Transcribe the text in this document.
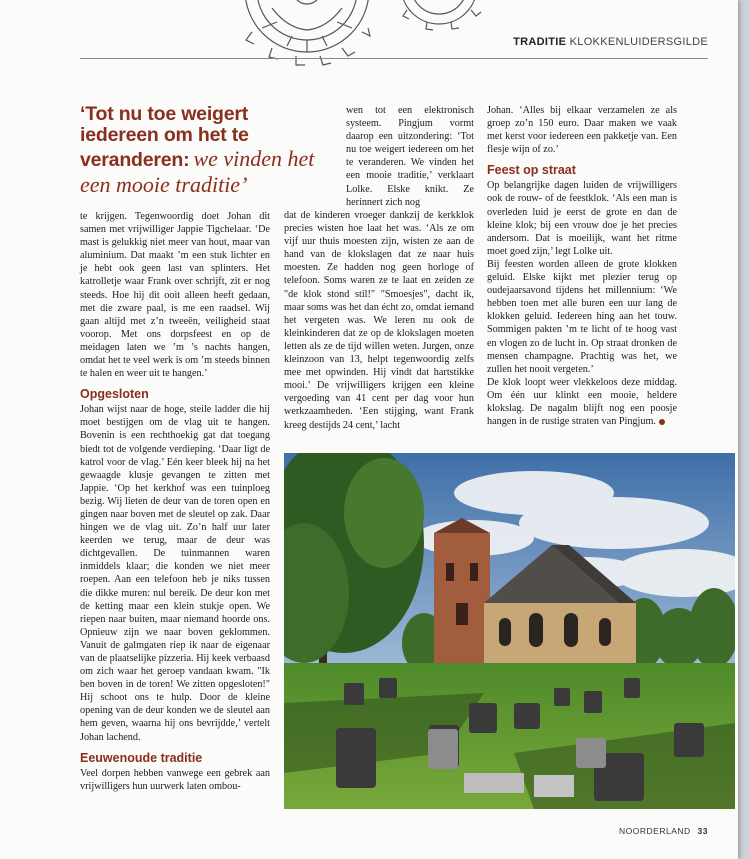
TRADITIE KLOKKENLUIDERSGILDE
‘Tot nu toe weigert iedereen om het te veranderen: we vinden het een mooie traditie’

te krijgen. Tegenwoordig doet Johan dit samen met vrijwilliger Jappie Tigchelaar. ‘De mast is gelukkig niet meer van hout, maar van aluminium. Dat maakt ’m een stuk lichter en je hebt ook geen last van splinters. Het katrolletje waar Frank over schrijft, zit er nog steeds. Hoe hij dit ooit alleen heeft gedaan, met die zware paal, is me een raadsel. Wij gaan altijd met z’n tweeën, veiligheid staat voorop. Met ons dorpsfeest en op de meidagen laten we ’m ’s nachts hangen, omdat het te veel werk is om ’m steeds binnen te halen en weer uit te hangen.’

Opgesloten

Johan wijst naar de hoge, steile ladder die hij moet bestijgen om de vlag uit te hangen. Bovenin is een rechthoekig gat dat toegang biedt tot de volgende verdieping. ‘Daar ligt de katrol voor de vlag.’ Eén keer bleek hij na het gewaagde klusje gevangen te zitten met Jappie. ‘Op het kerkhof was een tuinploeg bezig. Wij lieten de deur van de toren open en gingen naar boven met de sleutel op zak. Daar hingen we de vlag uit. Zo’n half uur later keerden we terug, maar de deur was dichtgevallen. De tuinmannen waren inmiddels klaar; die konden we niet meer roepen. Aan een telefoon heb je niks tussen die dikke muren: nul bereik. De deur kon met de ketting maar een klein stukje open. We riepen naar buiten, maar niemand hoorde ons. Opnieuw zijn we naar boven geklommen. Vanuit de galmgaten riep ik naar de eigenaar van de plaatselijke pizzeria. Hij keek verbaasd om zich waar het geroep vandaan kwam. "Ik ben boven in de toren! We zitten opgesloten!" Hij schoot ons te hulp. Door de kleine opening van de deur konden we de sleutel aan hem geven, waarna hij ons bevrijdde,’ vertelt Johan lachend.

Eeuwenoude traditie

Veel dorpen hebben vanwege een gebrek aan vrijwilligers hun uurwerk laten ombou-

wen tot een elektronisch systeem. Pingjum vormt daarop een uitzondering: ‘Tot nu toe weigert iedereen om het te veranderen. We vinden het een mooie traditie,’ verklaart Lolke. Elske knikt. Ze herinnert zich nog

dat de kinderen vroeger dankzij de kerkklok precies wisten hoe laat het was. ‘Als ze om vijf uur thuis moesten zijn, wisten ze aan de hand van de klokslagen dat ze naar huis moesten. Ze hadden nog geen horloge of telefoon. Soms waren ze te laat en zeiden ze "de klok stond stil!" "Smoesjes", dacht ik, maar soms was het dan écht zo, omdat iemand het vergeten was. We leren nu ook de kleinkinderen dat ze op de klokslagen moeten letten als ze de tijd willen weten. Jurgen, onze kleinzoon van 13, helpt tegenwoordig zelfs mee met opwinden. Hij vindt dat hartstikke mooi.’ De vrijwilligers krijgen een kleine vergoeding van 41 cent per dag voor hun werkzaamheden. ‘Een stijging, want Frank kreeg destijds 24 cent,’ lacht

Johan. ‘Alles bij elkaar verzamelen ze als groep zo’n 150 euro. Daar maken we vaak met kerst voor iedereen een pakketje van. Een flesje wijn of zo.’

Feest op straat

Op belangrijke dagen luiden de vrijwilligers ook de rouw- of de feestklok. ‘Als een man is overleden luid je eerst de grote en dan de kleine klok; bij een vrouw doe je het precies andersom. Dat is moeilijk, want het ritme moet goed zijn,’ legt Lolke uit.

Bij feesten worden alleen de grote klokken geluid. Elske kijkt met plezier terug op oudejaarsavond tijdens het millennium: ‘We hebben toen met alle buren een uur lang de klokken geluid. Iedereen hing aan het touw. Sommigen pakten ’m te licht of te hoog vast en vlogen zo de lucht in. Op straat dronken de mensen champagne. Prachtig was het, we zullen het nooit vergeten.’

De klok loopt weer vlekkeloos deze middag. Om één uur klinkt een mooie, heldere klokslag. De nagalm blijft nog een poosje hangen in de rustige straten van Pingjum.

NOORDERLAND 33
